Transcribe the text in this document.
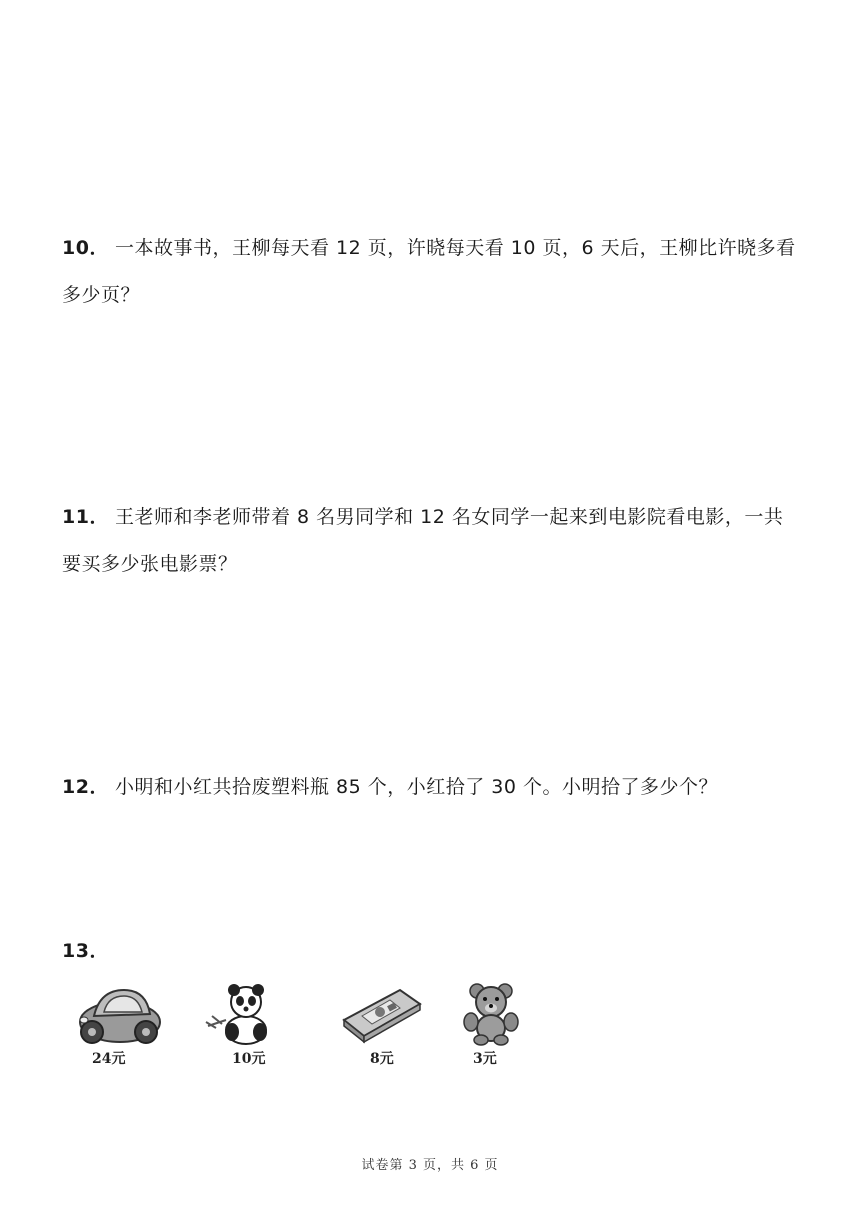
10． 一本故事书，王柳每天看 12 页，许晓每天看 10 页，6 天后，王柳比许晓多看多少页？
11． 王老师和李老师带着 8 名男同学和 12 名女同学一起来到电影院看电影，一共要买多少张电影票？
12． 小明和小红共拾废塑料瓶 85 个，小红拾了 30 个。小明拾了多少个？
13．
24元	10元	8元	3元
试卷第 3 页，共 6 页
